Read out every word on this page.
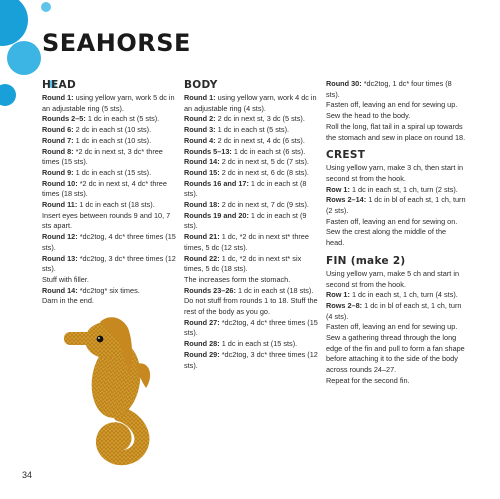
SEAHORSE
HEAD

Round 1: using yellow yarn, work 5 dc in an adjustable ring (5 sts).

Rounds 2–5: 1 dc in each st (5 sts).

Round 6: 2 dc in each st (10 sts).

Round 7: 1 dc in each st (10 sts).

Round 8: *2 dc in next st, 3 dc* three times (15 sts).

Round 9: 1 dc in each st (15 sts).

Round 10: *2 dc in next st, 4 dc* three times (18 sts).

Round 11: 1 dc in each st (18 sts).

Insert eyes between rounds 9 and 10, 7 sts apart.

Round 12: *dc2tog, 4 dc* three times (15 sts).

Round 13: *dc2tog, 3 dc* three times (12 sts).

Stuff with filler.

Round 14: *dc2tog* six times.

Darn in the end.

BODY

Round 1: using yellow yarn, work 4 dc in an adjustable ring (4 sts).

Round 2: 2 dc in next st, 3 dc (5 sts).

Round 3: 1 dc in each st (5 sts).

Round 4: 2 dc in next st, 4 dc (6 sts).

Rounds 5–13: 1 dc in each st (6 sts).

Round 14: 2 dc in next st, 5 dc (7 sts).

Round 15: 2 dc in next st, 6 dc (8 sts).

Rounds 16 and 17: 1 dc in each st (8 sts).

Round 18: 2 dc in next st, 7 dc (9 sts).

Rounds 19 and 20: 1 dc in each st (9 sts).

Round 21: 1 dc, *2 dc in next st* three times, 5 dc (12 sts).

Round 22: 1 dc, *2 dc in next st* six times, 5 dc (18 sts).

The increases form the stomach.

Rounds 23–26: 1 dc in each st (18 sts).

Do not stuff from rounds 1 to 18. Stuff the rest of the body as you go.

Round 27: *dc2tog, 4 dc* three times (15 sts).

Round 28: 1 dc in each st (15 sts).

Round 29: *dc2tog, 3 dc* three times (12 sts).

Round 30: *dc2tog, 1 dc* four times (8 sts).

Fasten off, leaving an end for sewing up.

Sew the head to the body.

Roll the long, flat tail in a spiral up towards the stomach and sew in place on round 18.

CREST

Using yellow yarn, make 3 ch, then start in second st from the hook.

Row 1: 1 dc in each st, 1 ch, turn (2 sts).

Rows 2–14: 1 dc in bl of each st, 1 ch, turn (2 sts).

Fasten off, leaving an end for sewing on. Sew the crest along the middle of the head.

FIN (make 2)

Using yellow yarn, make 5 ch and start in second st from the hook.

Row 1: 1 dc in each st, 1 ch, turn (4 sts).

Rows 2–8: 1 dc in bl of each st, 1 ch, turn (4 sts).

Fasten off, leaving an end for sewing up. Sew a gathering thread through the long edge of the fin and pull to form a fan shape before attaching it to the side of the body across rounds 24–27.

Repeat for the second fin.

34
